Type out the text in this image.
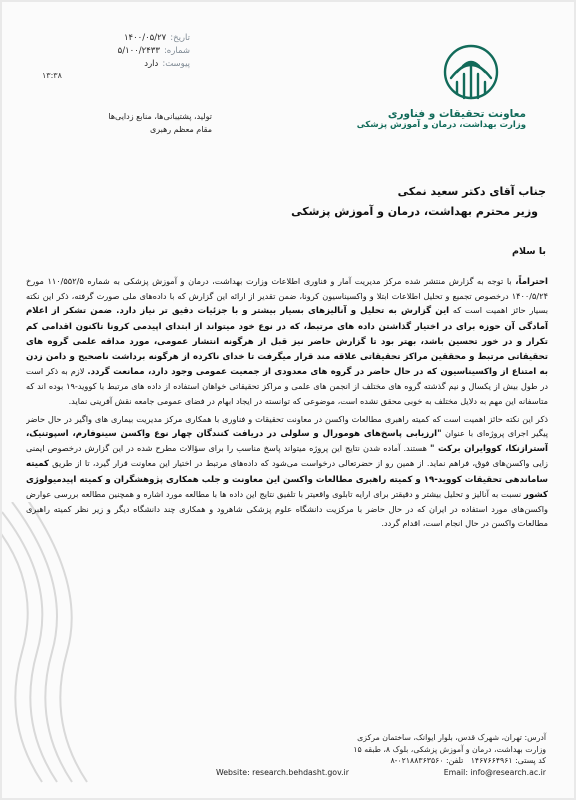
تاریخ:
۱۴۰۰/۰۵/۲۷
شماره:
۵/۱۰۰/۲۴۳۳
پیوست:
دارد
۱۳:۳۸
تولید، پشتیبانی‌ها، منابع زدایی‌ها
مقام معظم رهبری
معاونت تحقیقات و فناوری
وزارت بهداشت، درمان و آموزش پزشکی
جناب آقای دکتر سعید نمکی
وزیر محترم بهداشت، درمان و آموزش پزشکی
با سلام

احتراماً، با توجه به گزارش منتشر شده مرکز مدیریت آمار و فناوری اطلاعات وزارت بهداشت، درمان و آموزش پزشکی به شماره ۱۱۰/۵۵۲/۵ مورخ ۱۴۰۰/۵/۲۴ درخصوص تجمیع و تحلیل اطلاعات ابتلا و واکسیناسیون کرونا، ضمن تقدیر از ارائه این گزارش که با داده‌های ملی صورت گرفته، ذکر این نکته بسیار حائز اهمیت است که این گزارش به تحلیل و آنالیزهای بسیار بیشتر و با جزئیات دقیق تر نیاز دارد. ضمن تشکر از اعلام آمادگی آن حوزه برای در اختیار گذاشتن داده های مرتبط، که در نوع خود میتواند از ابتدای اپیدمی کرونا تاکنون اقدامی کم تکرار و در خور تحسین باشد، بهتر بود تا گزارش حاضر نیز قبل از هرگونه انتشار عمومی، مورد مداقه علمی گروه های تحقیقاتی مرتبط و محققین مراکز تحقیقاتی علاقه مند قرار میگرفت تا خدای ناکرده از هرگونه برداشت ناصحیح و دامن زدن به امتناع از واکسیناسیون که در حال حاضر در گروه های معدودی از جمعیت عمومی وجود دارد، ممانعت گردد. لازم به ذکر است در طول بیش از یکسال و نیم گذشته گروه های مختلف از انجمن های علمی و مراکز تحقیقاتی خواهان استفاده از داده های مرتبط با کووید-۱۹ بوده اند که متاسفانه این مهم به دلایل مختلف به خوبی محقق نشده است، موضوعی که توانسته در ایجاد ابهام در فضای عمومی جامعه نقش آفرینی نماید.

ذکر این نکته حائز اهمیت است که کمیته راهبری مطالعات واکسن در معاونت تحقیقات و فناوری با همکاری مرکز مدیریت بیماری های واگیر در حال حاضر پیگیر اجرای پروژه‌ای با عنوان "ارزیابی پاسخ‌های هومورال و سلولی در دریافت کنندگان چهار نوع واکسن سینوفارم، اسپوتنیک، آسترازنکا، کووایران برکت " هستند. آماده شدن نتایج این پروژه میتواند پاسخ مناسب را برای سؤالات مطرح شده در این گزارش درخصوص ایمنی زایی واکسن‌های فوق، فراهم نماید. از همین رو از حضرتعالی درخواست می‌شود که داده‌های مرتبط در اختیار این معاونت قرار گیرد، تا از طریق کمیته ساماندهی تحقیقات کووید-۱۹ و کمیته راهبری مطالعات واکسن این معاونت و جلب همکاری پژوهشگران و کمیته اپیدمیولوژی کشور نسبت به آنالیز و تحلیل بیشتر و دقیقتر برای ارایه تابلوی واقعیتر با تلفیق نتایج این داده ها با مطالعه مورد اشاره و همچنین مطالعه بررسی عوارض واکسن‌های مورد استفاده در ایران که در حال حاضر با مرکزیت دانشگاه علوم پزشکی شاهرود و همکاری چند دانشگاه دیگر و زیر نظر کمیته راهبری مطالعات واکسن در حال انجام است، اقدام گردد.

آدرس: تهران، شهرک قدس، بلوار ایوانک، ساختمان مرکزی
وزارت بهداشت، درمان و آموزش پزشکی، بلوک ۸، طبقه ۱۵
کد پستی: ۱۴۶۷۶۶۴۹۶۱   تلفن: ۰۲۱۸۸۳۶۳۵۶۰-۸
Website: research.behdasht.gov.ir	Email: info@research.ac.ir
